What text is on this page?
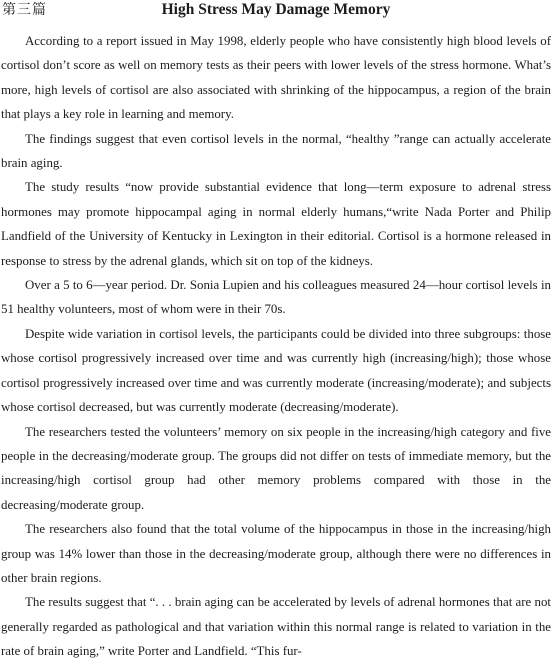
第三篇	High Stress May Damage Memory

According to a report issued in May 1998, elderly people who have consistently high blood levels of cortisol don’t score as well on memory tests as their peers with lower levels of the stress hormone. What’s more, high levels of cortisol are also associated with shrinking of the hippocampus, a region of the brain that plays a key role in learning and memory.

The findings suggest that even cortisol levels in the normal, “healthy ”range can actually accelerate brain aging.

The study results “now provide substantial evidence that long—term exposure to adrenal stress hormones may promote hippocampal aging in normal elderly humans,“write Nada Porter and Philip Landfield of the University of Kentucky in Lexington in their editorial. Cortisol is a hormone released in response to stress by the adrenal glands, which sit on top of the kidneys.

Over a 5 to 6—year period. Dr. Sonia Lupien and his colleagues measured 24—hour cortisol levels in 51 healthy volunteers, most of whom were in their 70s.

Despite wide variation in cortisol levels, the participants could be divided into three subgroups: those whose cortisol progressively increased over time and was currently high (increasing/high); those whose cortisol progressively increased over time and was currently moderate (increasing/moderate); and subjects whose cortisol decreased, but was currently moderate (decreasing/moderate).

The researchers tested the volunteers’ memory on six people in the increasing/high category and five people in the decreasing/moderate group. The groups did not differ on tests of immediate memory, but the increasing/high cortisol group had other memory problems compared with those in the decreasing/moderate group.

The researchers also found that the total volume of the hippocampus in those in the increasing/high group was 14% lower than those in the decreasing/moderate group, although there were no differences in other brain regions.

The results suggest that “. . . brain aging can be accelerated by levels of adrenal hormones that are not generally regarded as pathological and that variation within this normal range is related to variation in the rate of brain aging,” write Porter and Landfield. “This fur-
